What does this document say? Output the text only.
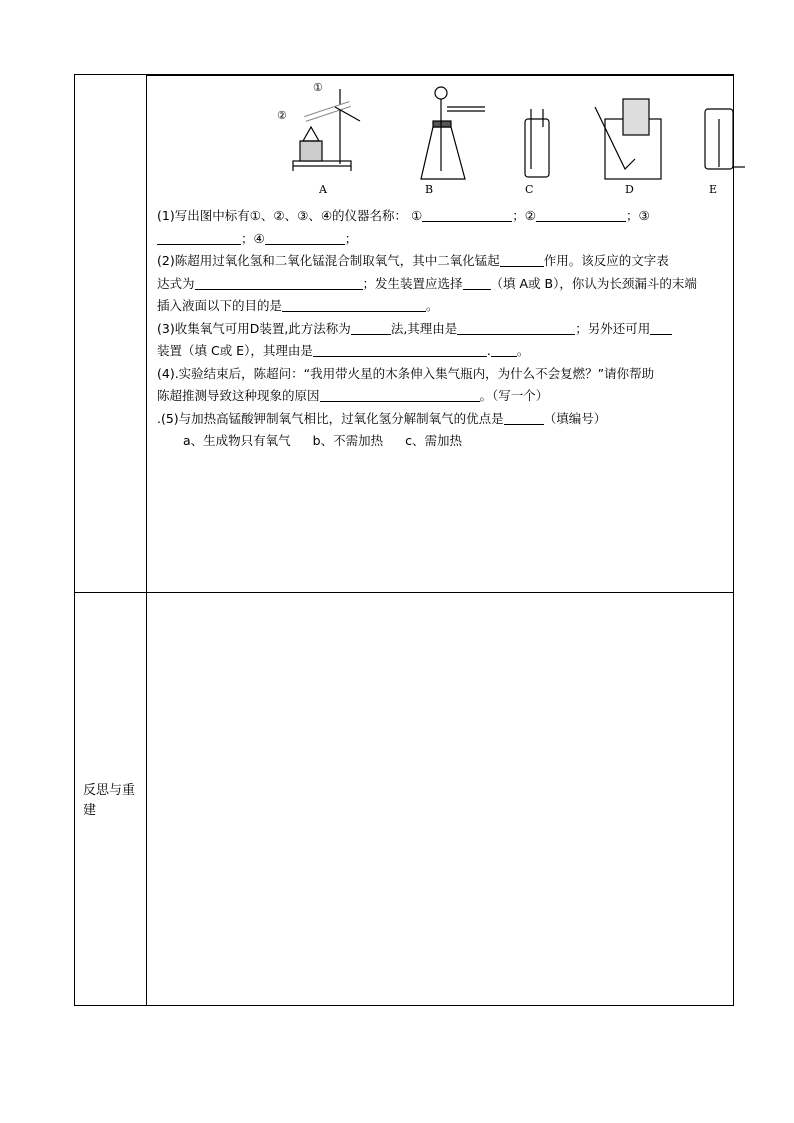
①
②
A	B	C	D	E

(1)写出图中标有①、②、③、④的仪器名称： ①	；②	；③

；④	；

(2)陈超用过氧化氢和二氧化锰混合制取氧气，其中二氧化锰起	作用。该反应的文字表

达式为	；发生装置应选择 （填 A或 B），你认为长颈漏斗的末端

插入液面以下的目的是	。

(3)收集氧气可用D装置,此方法称为	法,其理由是	；另外还可用

装置（填 C或 E），其理由是	. 。

(4).实验结束后，陈超问：“我用带火星的木条伸入集气瓶内，为什么不会复燃？”请你帮助

陈超推测导致这种现象的原因	。（写一个）

.(5)与加热高锰酸钾制氧气相比，过氧化氢分解制氧气的优点是	（填编号）

a、生成物只有氧气 b、不需加热 c、需加热

反思与重建
